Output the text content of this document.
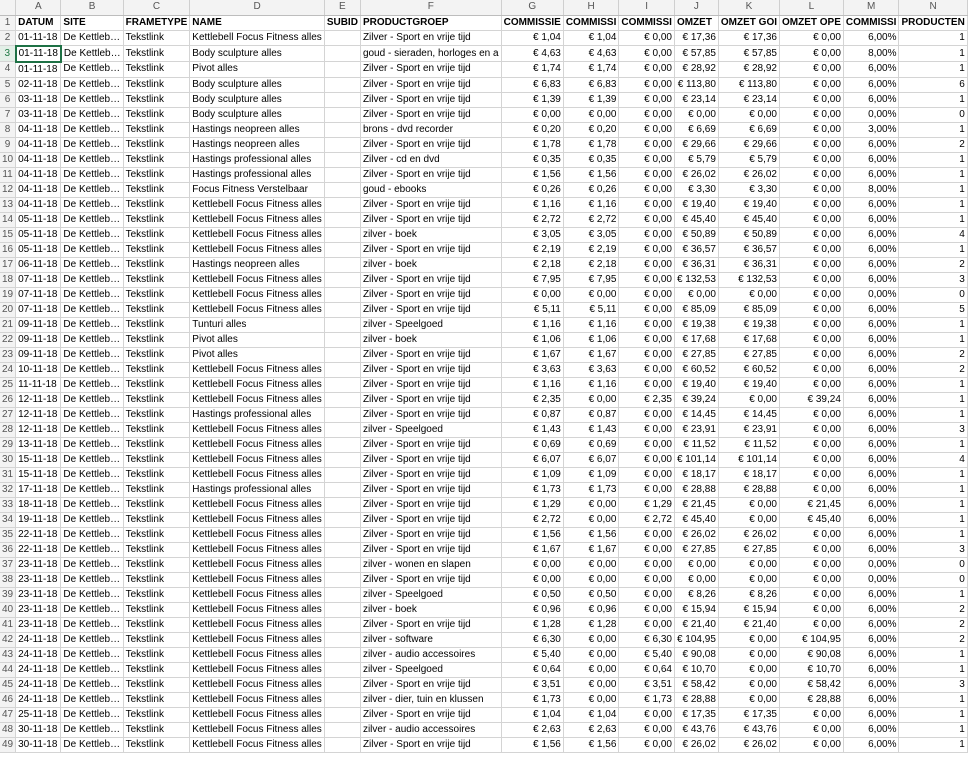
	A	B	C	D	E	F	G	H	I	J	K	L	M	N
1	DATUM	SITE	FRAMETYPE	NAME	SUBID	PRODUCTGROEP	COMMISSIE	COMMISSI	COMMISSI	OMZET	OMZET GOI	OMZET OPE	COMMISSI	PRODUCTEN
2	01-11-18	De Kettleb…	Tekstlink	Kettlebell Focus Fitness alles		Zilver - Sport en vrije tijd	€ 1,04	€ 1,04	€ 0,00	€ 17,36	€ 17,36	€ 0,00	6,00%	1
3	01-11-18	De Kettleb…	Tekstlink	Body sculpture alles		goud - sieraden, horloges en a	€ 4,63	€ 4,63	€ 0,00	€ 57,85	€ 57,85	€ 0,00	8,00%	1
4	01-11-18	De Kettleb…	Tekstlink	Pivot alles		Zilver - Sport en vrije tijd	€ 1,74	€ 1,74	€ 0,00	€ 28,92	€ 28,92	€ 0,00	6,00%	1
5	02-11-18	De Kettleb…	Tekstlink	Body sculpture alles		Zilver - Sport en vrije tijd	€ 6,83	€ 6,83	€ 0,00	€ 113,80	€ 113,80	€ 0,00	6,00%	6
6	03-11-18	De Kettleb…	Tekstlink	Body sculpture alles		Zilver - Sport en vrije tijd	€ 1,39	€ 1,39	€ 0,00	€ 23,14	€ 23,14	€ 0,00	6,00%	1
7	03-11-18	De Kettleb…	Tekstlink	Body sculpture alles		Zilver - Sport en vrije tijd	€ 0,00	€ 0,00	€ 0,00	€ 0,00	€ 0,00	€ 0,00	0,00%	0
8	04-11-18	De Kettleb…	Tekstlink	Hastings neopreen alles		brons - dvd recorder	€ 0,20	€ 0,20	€ 0,00	€ 6,69	€ 6,69	€ 0,00	3,00%	1
9	04-11-18	De Kettleb…	Tekstlink	Hastings neopreen alles		Zilver - Sport en vrije tijd	€ 1,78	€ 1,78	€ 0,00	€ 29,66	€ 29,66	€ 0,00	6,00%	2
10	04-11-18	De Kettleb…	Tekstlink	Hastings professional alles		Zilver - cd en dvd	€ 0,35	€ 0,35	€ 0,00	€ 5,79	€ 5,79	€ 0,00	6,00%	1
11	04-11-18	De Kettleb…	Tekstlink	Hastings professional alles		Zilver - Sport en vrije tijd	€ 1,56	€ 1,56	€ 0,00	€ 26,02	€ 26,02	€ 0,00	6,00%	1
12	04-11-18	De Kettleb…	Tekstlink	Focus Fitness Verstelbaar		goud - ebooks	€ 0,26	€ 0,26	€ 0,00	€ 3,30	€ 3,30	€ 0,00	8,00%	1
13	04-11-18	De Kettleb…	Tekstlink	Kettlebell Focus Fitness alles		Zilver - Sport en vrije tijd	€ 1,16	€ 1,16	€ 0,00	€ 19,40	€ 19,40	€ 0,00	6,00%	1
14	05-11-18	De Kettleb…	Tekstlink	Kettlebell Focus Fitness alles		Zilver - Sport en vrije tijd	€ 2,72	€ 2,72	€ 0,00	€ 45,40	€ 45,40	€ 0,00	6,00%	1
15	05-11-18	De Kettleb…	Tekstlink	Kettlebell Focus Fitness alles		zilver - boek	€ 3,05	€ 3,05	€ 0,00	€ 50,89	€ 50,89	€ 0,00	6,00%	4
16	05-11-18	De Kettleb…	Tekstlink	Kettlebell Focus Fitness alles		Zilver - Sport en vrije tijd	€ 2,19	€ 2,19	€ 0,00	€ 36,57	€ 36,57	€ 0,00	6,00%	1
17	06-11-18	De Kettleb…	Tekstlink	Hastings neopreen alles		zilver - boek	€ 2,18	€ 2,18	€ 0,00	€ 36,31	€ 36,31	€ 0,00	6,00%	2
18	07-11-18	De Kettleb…	Tekstlink	Kettlebell Focus Fitness alles		Zilver - Sport en vrije tijd	€ 7,95	€ 7,95	€ 0,00	€ 132,53	€ 132,53	€ 0,00	6,00%	3
19	07-11-18	De Kettleb…	Tekstlink	Kettlebell Focus Fitness alles		Zilver - Sport en vrije tijd	€ 0,00	€ 0,00	€ 0,00	€ 0,00	€ 0,00	€ 0,00	0,00%	0
20	07-11-18	De Kettleb…	Tekstlink	Kettlebell Focus Fitness alles		Zilver - Sport en vrije tijd	€ 5,11	€ 5,11	€ 0,00	€ 85,09	€ 85,09	€ 0,00	6,00%	5
21	09-11-18	De Kettleb…	Tekstlink	Tunturi alles		zilver - Speelgoed	€ 1,16	€ 1,16	€ 0,00	€ 19,38	€ 19,38	€ 0,00	6,00%	1
22	09-11-18	De Kettleb…	Tekstlink	Pivot alles		zilver - boek	€ 1,06	€ 1,06	€ 0,00	€ 17,68	€ 17,68	€ 0,00	6,00%	1
23	09-11-18	De Kettleb…	Tekstlink	Pivot alles		Zilver - Sport en vrije tijd	€ 1,67	€ 1,67	€ 0,00	€ 27,85	€ 27,85	€ 0,00	6,00%	2
24	10-11-18	De Kettleb…	Tekstlink	Kettlebell Focus Fitness alles		Zilver - Sport en vrije tijd	€ 3,63	€ 3,63	€ 0,00	€ 60,52	€ 60,52	€ 0,00	6,00%	2
25	11-11-18	De Kettleb…	Tekstlink	Kettlebell Focus Fitness alles		Zilver - Sport en vrije tijd	€ 1,16	€ 1,16	€ 0,00	€ 19,40	€ 19,40	€ 0,00	6,00%	1
26	12-11-18	De Kettleb…	Tekstlink	Kettlebell Focus Fitness alles		Zilver - Sport en vrije tijd	€ 2,35	€ 0,00	€ 2,35	€ 39,24	€ 0,00	€ 39,24	6,00%	1
27	12-11-18	De Kettleb…	Tekstlink	Hastings professional alles		Zilver - Sport en vrije tijd	€ 0,87	€ 0,87	€ 0,00	€ 14,45	€ 14,45	€ 0,00	6,00%	1
28	12-11-18	De Kettleb…	Tekstlink	Kettlebell Focus Fitness alles		zilver - Speelgoed	€ 1,43	€ 1,43	€ 0,00	€ 23,91	€ 23,91	€ 0,00	6,00%	3
29	13-11-18	De Kettleb…	Tekstlink	Kettlebell Focus Fitness alles		Zilver - Sport en vrije tijd	€ 0,69	€ 0,69	€ 0,00	€ 11,52	€ 11,52	€ 0,00	6,00%	1
30	15-11-18	De Kettleb…	Tekstlink	Kettlebell Focus Fitness alles		Zilver - Sport en vrije tijd	€ 6,07	€ 6,07	€ 0,00	€ 101,14	€ 101,14	€ 0,00	6,00%	4
31	15-11-18	De Kettleb…	Tekstlink	Kettlebell Focus Fitness alles		Zilver - Sport en vrije tijd	€ 1,09	€ 1,09	€ 0,00	€ 18,17	€ 18,17	€ 0,00	6,00%	1
32	17-11-18	De Kettleb…	Tekstlink	Hastings professional alles		Zilver - Sport en vrije tijd	€ 1,73	€ 1,73	€ 0,00	€ 28,88	€ 28,88	€ 0,00	6,00%	1
33	18-11-18	De Kettleb…	Tekstlink	Kettlebell Focus Fitness alles		Zilver - Sport en vrije tijd	€ 1,29	€ 0,00	€ 1,29	€ 21,45	€ 0,00	€ 21,45	6,00%	1
34	19-11-18	De Kettleb…	Tekstlink	Kettlebell Focus Fitness alles		Zilver - Sport en vrije tijd	€ 2,72	€ 0,00	€ 2,72	€ 45,40	€ 0,00	€ 45,40	6,00%	1
35	22-11-18	De Kettleb…	Tekstlink	Kettlebell Focus Fitness alles		Zilver - Sport en vrije tijd	€ 1,56	€ 1,56	€ 0,00	€ 26,02	€ 26,02	€ 0,00	6,00%	1
36	22-11-18	De Kettleb…	Tekstlink	Kettlebell Focus Fitness alles		Zilver - Sport en vrije tijd	€ 1,67	€ 1,67	€ 0,00	€ 27,85	€ 27,85	€ 0,00	6,00%	3
37	23-11-18	De Kettleb…	Tekstlink	Kettlebell Focus Fitness alles		zilver - wonen en slapen	€ 0,00	€ 0,00	€ 0,00	€ 0,00	€ 0,00	€ 0,00	0,00%	0
38	23-11-18	De Kettleb…	Tekstlink	Kettlebell Focus Fitness alles		Zilver - Sport en vrije tijd	€ 0,00	€ 0,00	€ 0,00	€ 0,00	€ 0,00	€ 0,00	0,00%	0
39	23-11-18	De Kettleb…	Tekstlink	Kettlebell Focus Fitness alles		zilver - Speelgoed	€ 0,50	€ 0,50	€ 0,00	€ 8,26	€ 8,26	€ 0,00	6,00%	1
40	23-11-18	De Kettleb…	Tekstlink	Kettlebell Focus Fitness alles		zilver - boek	€ 0,96	€ 0,96	€ 0,00	€ 15,94	€ 15,94	€ 0,00	6,00%	2
41	23-11-18	De Kettleb…	Tekstlink	Kettlebell Focus Fitness alles		Zilver - Sport en vrije tijd	€ 1,28	€ 1,28	€ 0,00	€ 21,40	€ 21,40	€ 0,00	6,00%	2
42	24-11-18	De Kettleb…	Tekstlink	Kettlebell Focus Fitness alles		zilver - software	€ 6,30	€ 0,00	€ 6,30	€ 104,95	€ 0,00	€ 104,95	6,00%	2
43	24-11-18	De Kettleb…	Tekstlink	Kettlebell Focus Fitness alles		zilver - audio accessoires	€ 5,40	€ 0,00	€ 5,40	€ 90,08	€ 0,00	€ 90,08	6,00%	1
44	24-11-18	De Kettleb…	Tekstlink	Kettlebell Focus Fitness alles		zilver - Speelgoed	€ 0,64	€ 0,00	€ 0,64	€ 10,70	€ 0,00	€ 10,70	6,00%	1
45	24-11-18	De Kettleb…	Tekstlink	Kettlebell Focus Fitness alles		Zilver - Sport en vrije tijd	€ 3,51	€ 0,00	€ 3,51	€ 58,42	€ 0,00	€ 58,42	6,00%	3
46	24-11-18	De Kettleb…	Tekstlink	Kettlebell Focus Fitness alles		zilver - dier, tuin en klussen	€ 1,73	€ 0,00	€ 1,73	€ 28,88	€ 0,00	€ 28,88	6,00%	1
47	25-11-18	De Kettleb…	Tekstlink	Kettlebell Focus Fitness alles		Zilver - Sport en vrije tijd	€ 1,04	€ 1,04	€ 0,00	€ 17,35	€ 17,35	€ 0,00	6,00%	1
48	30-11-18	De Kettleb…	Tekstlink	Kettlebell Focus Fitness alles		zilver - audio accessoires	€ 2,63	€ 2,63	€ 0,00	€ 43,76	€ 43,76	€ 0,00	6,00%	1
49	30-11-18	De Kettleb…	Tekstlink	Kettlebell Focus Fitness alles		Zilver - Sport en vrije tijd	€ 1,56	€ 1,56	€ 0,00	€ 26,02	€ 26,02	€ 0,00	6,00%	1
